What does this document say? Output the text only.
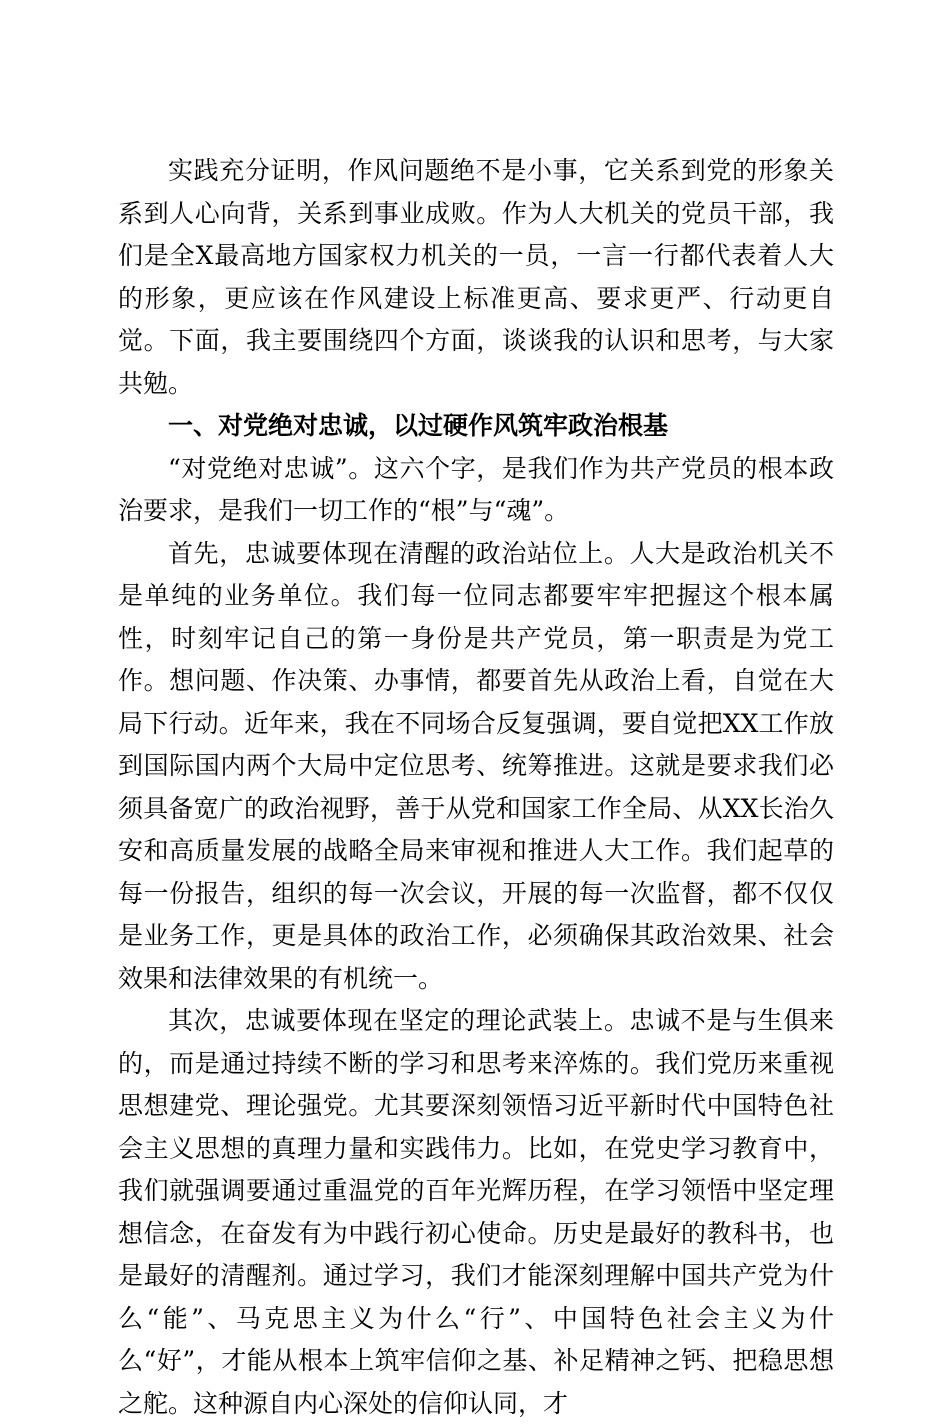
实践充分证明，作风问题绝不是小事，它关系到党的形象关系到人心向背，关系到事业成败。作为人大机关的党员干部，我们是全X最高地方国家权力机关的一员，一言一行都代表着人大的形象，更应该在作风建设上标准更高、要求更严、行动更自觉。下面，我主要围绕四个方面，谈谈我的认识和思考，与大家共勉。

一、对党绝对忠诚，以过硬作风筑牢政治根基

“对党绝对忠诚”。这六个字，是我们作为共产党员的根本政治要求，是我们一切工作的“根”与“魂”。

首先，忠诚要体现在清醒的政治站位上。人大是政治机关不是单纯的业务单位。我们每一位同志都要牢牢把握这个根本属性，时刻牢记自己的第一身份是共产党员，第一职责是为党工作。想问题、作决策、办事情，都要首先从政治上看，自觉在大局下行动。近年来，我在不同场合反复强调，要自觉把XX工作放到国际国内两个大局中定位思考、统筹推进。这就是要求我们必须具备宽广的政治视野，善于从党和国家工作全局、从XX长治久安和高质量发展的战略全局来审视和推进人大工作。我们起草的每一份报告，组织的每一次会议，开展的每一次监督，都不仅仅是业务工作，更是具体的政治工作，必须确保其政治效果、社会效果和法律效果的有机统一。

其次，忠诚要体现在坚定的理论武装上。忠诚不是与生俱来的，而是通过持续不断的学习和思考来淬炼的。我们党历来重视思想建党、理论强党。尤其要深刻领悟习近平新时代中国特色社会主义思想的真理力量和实践伟力。比如，在党史学习教育中，我们就强调要通过重温党的百年光辉历程，在学习领悟中坚定理想信念，在奋发有为中践行初心使命。历史是最好的教科书，也是最好的清醒剂。通过学习，我们才能深刻理解中国共产党为什么“能”、马克思主义为什么“行”、中国特色社会主义为什么“好”，才能从根本上筑牢信仰之基、补足精神之钙、把稳思想之舵。这种源自内心深处的信仰认同，才
